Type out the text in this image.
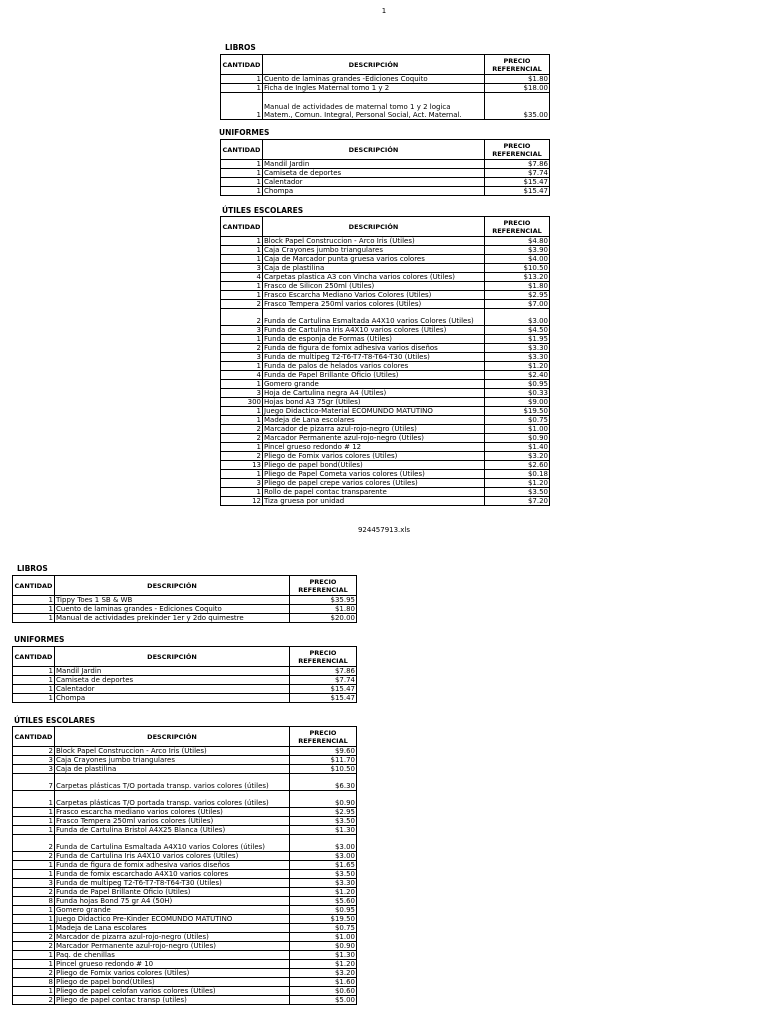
1
LIBROS
CANTIDAD	DESCRIPCIÓN	PRECIO
REFERENCIAL

1	Cuento de laminas grandes -Ediciones Coquito	$1.80
1	Ficha de Ingles Maternal tomo 1 y 2	$18.00
1	Manual de actividades de maternal tomo 1 y 2 logica
Matem., Comun. Integral, Personal Social, Act. Maternal.	$35.00
UNIFORMES
CANTIDAD	DESCRIPCIÓN	PRECIO
REFERENCIAL

1	Mandil Jardin	$7.86
1	Camiseta de deportes	$7.74
1	Calentador	$15.47
1	Chompa	$15.47
ÚTILES ESCOLARES
CANTIDAD	DESCRIPCIÓN	PRECIO
REFERENCIAL

1	Block Papel Construccion - Arco Iris (Utiles)	$4.80
1	Caja Crayones jumbo triangulares	$3.90
1	Caja de Marcador punta gruesa varios colores	$4.00
3	Caja de plastilina	$10.50
4	Carpetas plastica A3 con Vincha varios colores (Utiles)	$13.20
1	Frasco de Silicon 250ml (Utiles)	$1.80
1	Frasco Escarcha Mediano Varios Colores (Utiles)	$2.95
2	Frasco Tempera 250ml varios colores (Utiles)	$7.00
2	Funda de Cartulina Esmaltada A4X10 varios Colores (Utiles)	$3.00
3	Funda de Cartulina Iris A4X10 varios colores (Utiles)	$4.50
1	Funda de esponja de Formas (Utiles)	$1.95
2	Funda de figura de fomix adhesiva varios diseños	$3.30
3	Funda de multipeg T2-T6-T7-T8-T64-T30 (Utiles)	$3.30
1	Funda de palos de helados varios colores	$1.20
4	Funda de Papel Brillante Oficio (Utiles)	$2.40
1	Gomero grande	$0.95
3	Hoja de Cartulina negra A4 (Utiles)	$0.33
300	Hojas bond A3 75gr (Utiles)	$9.00
1	Juego Didactico-Material ECOMUNDO MATUTINO	$19.50
1	Madeja de Lana escolares	$0.75
2	Marcador de pizarra azul-rojo-negro (Utiles)	$1.00
2	Marcador Permanente azul-rojo-negro (Utiles)	$0.90
1	Pincel grueso redondo # 12	$1.40
2	Pliego de Fomix varios colores (Utiles)	$3.20
13	Pliego de papel bond(Utiles)	$2.60
1	Pliego de Papel Cometa varios colores (Utiles)	$0.18
3	Pliego de papel crepe varios colores (Utiles)	$1.20
1	Rollo de papel contac transparente	$3.50
12	Tiza gruesa por unidad	$7.20
924457913.xls
LIBROS
CANTIDAD	DESCRIPCIÓN	PRECIO
REFERENCIAL

1	Tippy Toes 1 SB & WB	$35.95
1	Cuento de laminas grandes - Ediciones Coquito	$1.80
1	Manual de actividades prekinder 1er y 2do quimestre	$20.00
UNIFORMES
CANTIDAD	DESCRIPCIÓN	PRECIO
REFERENCIAL

1	Mandil Jardin	$7.86
1	Camiseta de deportes	$7.74
1	Calentador	$15.47
1	Chompa	$15.47
ÚTILES ESCOLARES
CANTIDAD	DESCRIPCIÓN	PRECIO
REFERENCIAL

2	Block Papel Construccion - Arco Iris (Utiles)	$9.60
3	Caja Crayones jumbo triangulares	$11.70
3	Caja de plastilina	$10.50
7	Carpetas plásticas T/O portada transp. varios colores (útiles)	$6.30
1	Carpetas plásticas T/O portada transp. varios colores (útiles)	$0.90
1	Frasco escarcha mediano varios colores (Utiles)	$2.95
1	Frasco Tempera 250ml varios colores (Utiles)	$3.50
1	Funda de Cartulina Bristol A4X25 Blanca (Utiles)	$1.30
2	Funda de Cartulina Esmaltada A4X10 varios Colores (útiles)	$3.00
2	Funda de Cartulina Iris A4X10 varios colores (Utiles)	$3.00
1	Funda de figura de fomix adhesiva varios diseños	$1.65
1	Funda de fomix escarchado A4X10 varios colores	$3.50
3	Funda de multipeg T2-T6-T7-T8-T64-T30 (Utiles)	$3.30
2	Funda de Papel Brillante Oficio (Utiles)	$1.20
8	Funda hojas Bond 75 gr A4 (50H)	$5.60
1	Gomero grande	$0.95
1	Juego Didactico Pre-Kinder ECOMUNDO MATUTINO	$19.50
1	Madeja de Lana escolares	$0.75
2	Marcador de pizarra azul-rojo-negro (Utiles)	$1.00
2	Marcador Permanente azul-rojo-negro (Utiles)	$0.90
1	Paq. de chenillas	$1.30
1	Pincel grueso redondo # 10	$1.20
2	Pliego de Fomix varios colores (Utiles)	$3.20
8	Pliego de papel bond(Utiles)	$1.60
1	Pliego de papel celofan varios colores (Utiles)	$0.60
2	Pliego de papel contac transp (utiles)	$5.00
